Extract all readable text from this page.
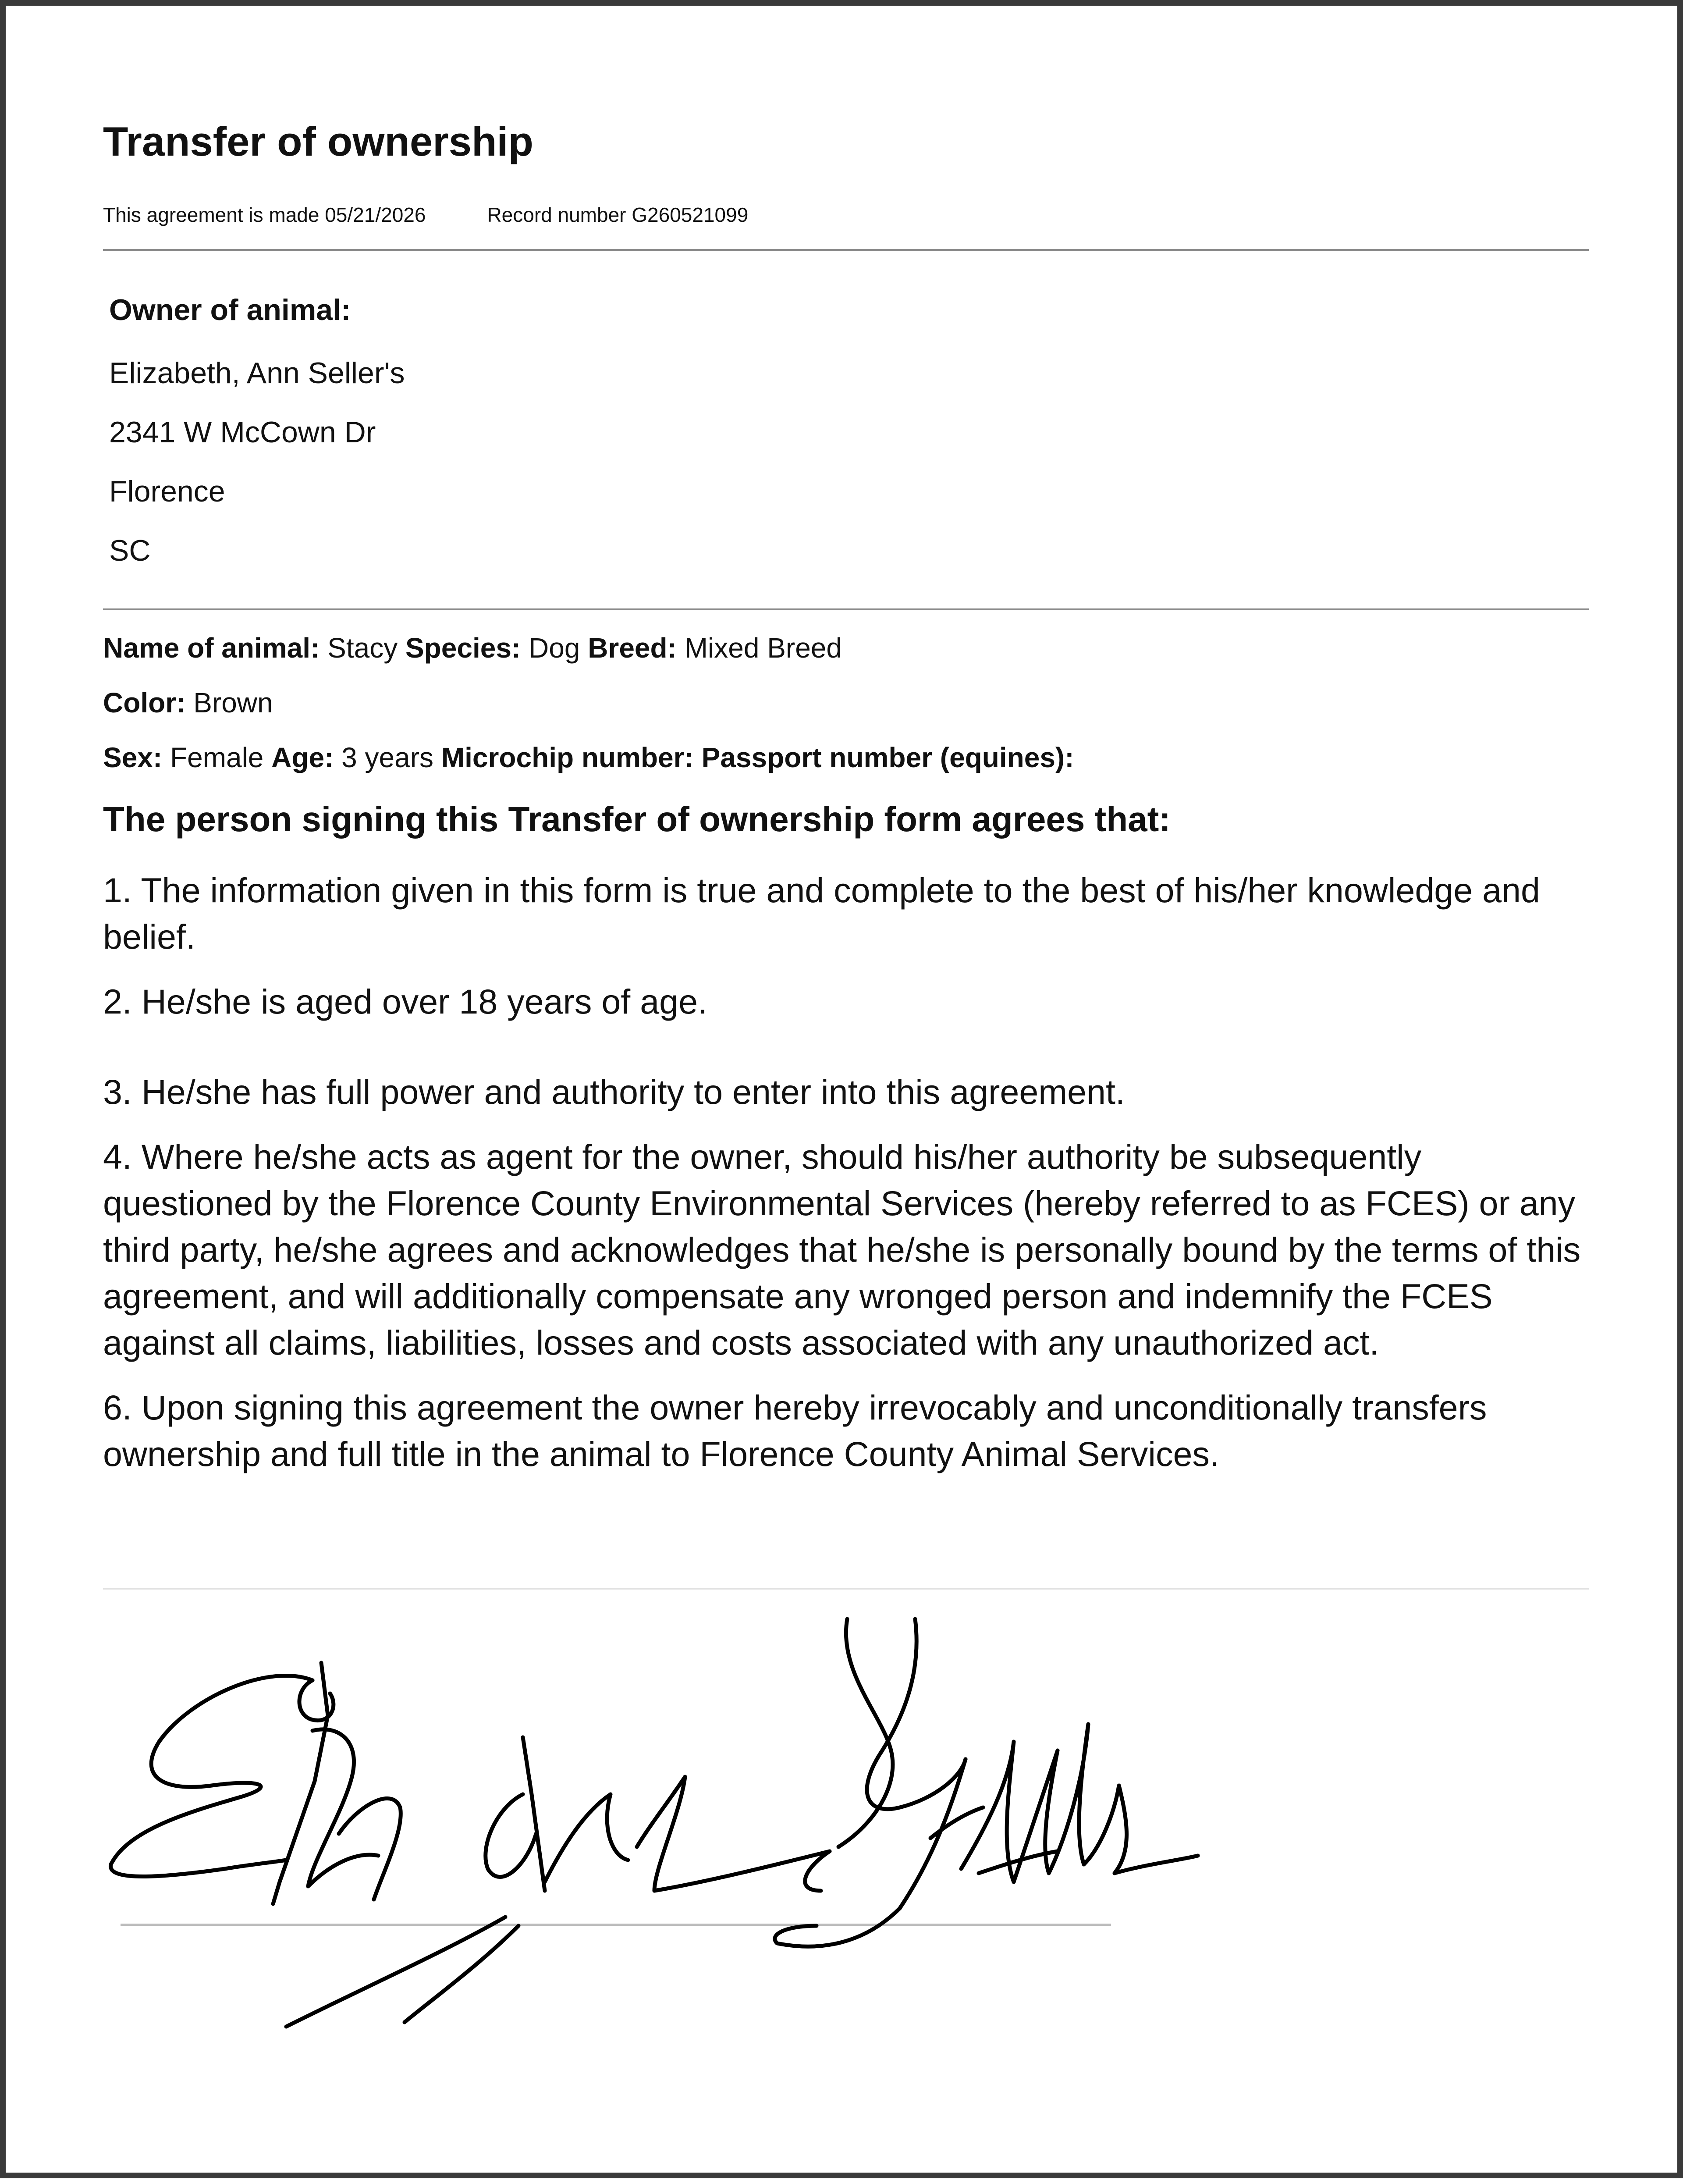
Transfer of ownership
This agreement is made 05/21/2026	Record number G260521099
Owner of animal:
Elizabeth, Ann Seller's
2341 W McCown Dr
Florence
SC
Name of animal: Stacy Species: Dog Breed: Mixed Breed
Color: Brown
Sex: Female Age: 3 years Microchip number: Passport number (equines):
The person signing this Transfer of ownership form agrees that:

1. The information given in this form is true and complete to the best of his/her knowledge and belief.

2. He/she is aged over 18 years of age.

3. He/she has full power and authority to enter into this agreement.

4. Where he/she acts as agent for the owner, should his/her authority be subsequently questioned by the Florence County Environmental Services (hereby referred to as FCES) or any third party, he/she agrees and acknowledges that he/she is personally bound by the terms of this agreement, and will additionally compensate any wronged person and indemnify the FCES against all claims, liabilities, losses and costs associated with any unauthorized act.

6. Upon signing this agreement the owner hereby irrevocably and unconditionally transfers ownership and full title in the animal to Florence County Animal Services.
